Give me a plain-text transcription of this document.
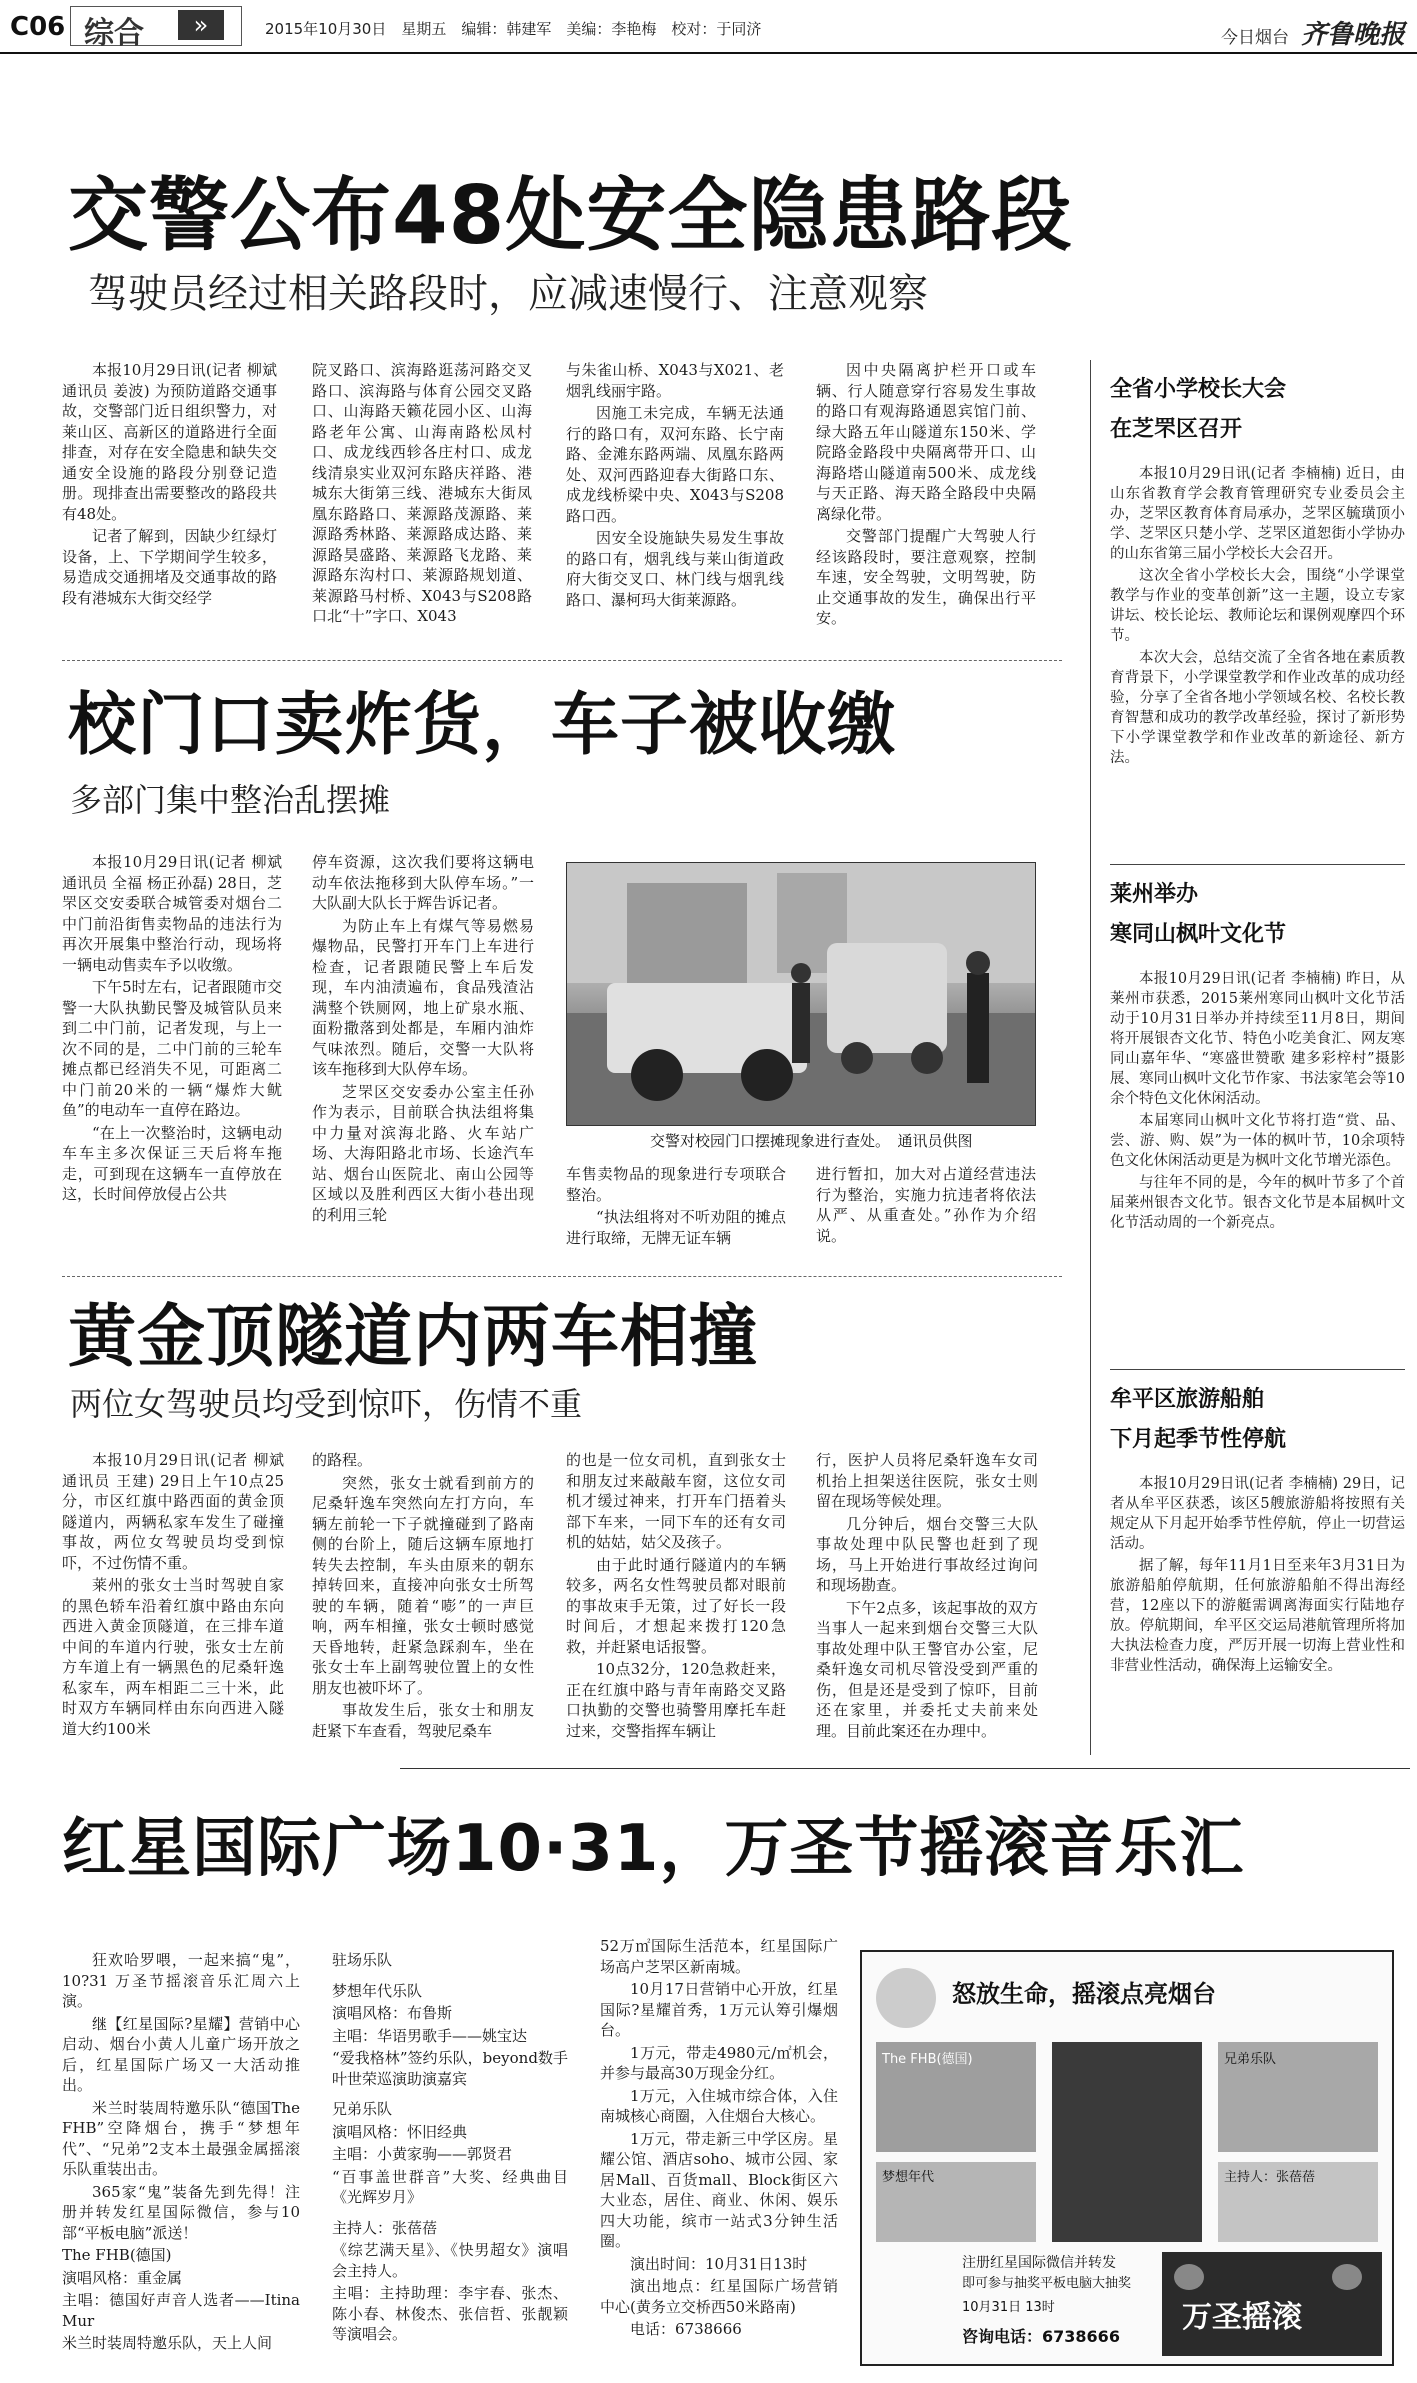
C06 综合	»	2015年10月30日　星期五　编辑：韩建军　美编：李艳梅　校对：于同济	今日烟台 齐鲁晚报
交警公布48处安全隐患路段
驾驶员经过相关路段时，应减速慢行、注意观察

本报10月29日讯(记者 柳斌 通讯员 姜波) 为预防道路交通事故，交警部门近日组织警力，对莱山区、高新区的道路进行全面排查，对存在安全隐患和缺失交通安全设施的路段分别登记造册。现排查出需要整改的路段共有48处。

记者了解到，因缺少红绿灯设备，上、下学期间学生较多，易造成交通拥堵及交通事故的路段有港城东大街交经学

院叉路口、滨海路逛荡河路交叉路口、滨海路与体育公园交叉路口、山海路天籁花园小区、山海路老年公寓、山海南路松凤村口、成龙线西轸各庄村口、成龙线清泉实业双河东路庆祥路、港城东大街第三线、港城东大街凤凰东路路口、莱源路茂源路、莱源路秀林路、莱源路成达路、莱源路昊盛路、莱源路飞龙路、莱源路东沟村口、莱源路规划道、莱源路马村桥、X043与S208路口北“十”字口、X043

与朱雀山桥、X043与X021、老烟乳线丽宇路。

因施工未完成，车辆无法通行的路口有，双河东路、长宁南路、金滩东路两端、凤凰东路两处、双河西路迎春大街路口东、成龙线桥梁中央、X043与S208路口西。

因安全设施缺失易发生事故的路口有，烟乳线与莱山街道政府大街交叉口、林门线与烟乳线路口、瀑柯玛大街莱源路。

因中央隔离护栏开口或车辆、行人随意穿行容易发生事故的路口有观海路通恩宾馆门前、绿大路五年山隧道东150米、学院路金路段中央隔离带开口、山海路塔山隧道南500米、成龙线与天正路、海天路全路段中央隔离绿化带。

交警部门提醒广大驾驶人行经该路段时，要注意观察，控制车速，安全驾驶，文明驾驶，防止交通事故的发生，确保出行平安。

校门口卖炸货，车子被收缴
多部门集中整治乱摆摊

本报10月29日讯(记者 柳斌 通讯员 全福 杨正孙磊) 28日，芝罘区交安委联合城管委对烟台二中门前沿街售卖物品的违法行为再次开展集中整治行动，现场将一辆电动售卖车予以收缴。

下午5时左右，记者跟随市交警一大队执勤民警及城管队员来到二中门前，记者发现，与上一次不同的是，二中门前的三轮车摊点都已经消失不见，可距离二中门前20米的一辆“爆炸大鱿鱼”的电动车一直停在路边。

“在上一次整治时，这辆电动车车主多次保证三天后将车拖走，可到现在这辆车一直停放在这，长时间停放侵占公共

停车资源，这次我们要将这辆电动车依法拖移到大队停车场。”一大队副大队长于辉告诉记者。

为防止车上有煤气等易燃易爆物品，民警打开车门上车进行检查，记者跟随民警上车后发现，车内油渍遍布，食品残渣沾满整个铁厕网，地上矿泉水瓶、面粉撒落到处都是，车厢内油炸气味浓烈。随后，交警一大队将该车拖移到大队停车场。

芝罘区交安委办公室主任孙作为表示，目前联合执法组将集中力量对滨海北路、火车站广场、大海阳路北市场、长途汽车站、烟台山医院北、南山公园等区域以及胜利西区大街小巷出现的利用三轮

交警对校园门口摆摊现象进行查处。　通讯员供图

车售卖物品的现象进行专项联合整治。

“执法组将对不听劝阻的摊点进行取缔，无牌无证车辆

进行暂扣，加大对占道经营违法行为整治，实施力抗违者将依法从严、从重查处。”孙作为介绍说。

黄金顶隧道内两车相撞
两位女驾驶员均受到惊吓，伤情不重

本报10月29日讯(记者 柳斌 通讯员 王建) 29日上午10点25分，市区红旗中路西面的黄金顶隧道内，两辆私家车发生了碰撞事故，两位女驾驶员均受到惊吓，不过伤情不重。

莱州的张女士当时驾驶自家的黑色轿车沿着红旗中路由东向西进入黄金顶隧道，在三排车道中间的车道内行驶，张女士左前方车道上有一辆黑色的尼桑轩逸私家车，两车相距二三十米，此时双方车辆同样由东向西进入隧道大约100米

的路程。

突然，张女士就看到前方的尼桑轩逸车突然向左打方向，车辆左前轮一下子就撞碰到了路南侧的台阶上，随后这辆车原地打转失去控制，车头由原来的朝东掉转回来，直接冲向张女士所驾驶的车辆，随着“嘭”的一声巨响，两车相撞，张女士顿时感觉天昏地转，赶紧急踩刹车，坐在张女士车上副驾驶位置上的女性朋友也被吓坏了。

事故发生后，张女士和朋友赶紧下车查看，驾驶尼桑车

的也是一位女司机，直到张女士和朋友过来敲敲车窗，这位女司机才缓过神来，打开车门捂着头部下车来，一同下车的还有女司机的姑姑，姑父及孩子。

由于此时通行隧道内的车辆较多，两名女性驾驶员都对眼前的事故束手无策，过了好长一段时间后，才想起来拨打120急救，并赶紧电话报警。

10点32分，120急救赶来，正在红旗中路与青年南路交叉路口执勤的交警也骑警用摩托车赶过来，交警指挥车辆让

行，医护人员将尼桑轩逸车女司机抬上担架送往医院，张女士则留在现场等候处理。

几分钟后，烟台交警三大队事故处理中队民警也赶到了现场，马上开始进行事故经过询问和现场勘查。

下午2点多，该起事故的双方当事人一起来到烟台交警三大队事故处理中队王警官办公室，尼桑轩逸女司机尽管没受到严重的伤，但是还是受到了惊吓，目前还在家里，并委托丈夫前来处理。目前此案还在办理中。

全省小学校长大会
在芝罘区召开

本报10月29日讯(记者 李楠楠) 近日，由山东省教育学会教育管理研究专业委员会主办，芝罘区教育体育局承办，芝罘区毓璜顶小学、芝罘区只楚小学、芝罘区道恕街小学协办的山东省第三届小学校长大会召开。

这次全省小学校长大会，围绕“小学课堂教学与作业的变革创新”这一主题，设立专家讲坛、校长论坛、教师论坛和课例观摩四个环节。

本次大会，总结交流了全省各地在素质教育背景下，小学课堂教学和作业改革的成功经验，分享了全省各地小学领域名校、名校长教育智慧和成功的教学改革经验，探讨了新形势下小学课堂教学和作业改革的新途径、新方法。

莱州举办
寒同山枫叶文化节

本报10月29日讯(记者 李楠楠) 昨日，从莱州市获悉，2015莱州寒同山枫叶文化节活动于10月31日举办并持续至11月8日，期间将开展银杏文化节、特色小吃美食汇、网友寒同山嘉年华、“寒盛世赞歌 建多彩梓村”摄影展、寒同山枫叶文化节作家、书法家笔会等10余个特色文化休闲活动。

本届寒同山枫叶文化节将打造“赏、品、尝、游、购、娱”为一体的枫叶节，10余项特色文化休闲活动更是为枫叶文化节增光添色。

与往年不同的是，今年的枫叶节多了个首届莱州银杏文化节。银杏文化节是本届枫叶文化节活动周的一个新亮点。

牟平区旅游船舶
下月起季节性停航

本报10月29日讯(记者 李楠楠) 29日，记者从牟平区获悉，该区5艘旅游船将按照有关规定从下月起开始季节性停航，停止一切营运活动。

据了解，每年11月1日至来年3月31日为旅游船舶停航期，任何旅游船舶不得出海经营，12座以下的游艇需调离海面实行陆地存放。停航期间，牟平区交运局港航管理所将加大执法检查力度，严厉开展一切海上营业性和非营业性活动，确保海上运输安全。

红星国际广场10·31，万圣节摇滚音乐汇

狂欢哈罗喂，一起来搞“鬼”，10?31 万圣节摇滚音乐汇周六上演。

继【红星国际?星耀】营销中心启动、烟台小黄人儿童广场开放之后，红星国际广场又一大活动推出。

米兰时装周特邀乐队“德国The FHB”空降烟台，携手“梦想年代”、“兄弟”2支本土最强金属摇滚乐队重装出击。

365家“鬼”装备先到先得！注册并转发红星国际微信，参与10部“平板电脑”派送！

The FHB(德国)

演唱风格：重金属

主唱：德国好声音人选者——Itina Mur

米兰时装周特邀乐队，天上人间

驻场乐队

梦想年代乐队

演唱风格：布鲁斯

主唱：华语男歌手——姚宝达

“爱我格林”签约乐队，beyond数手叶世荣巡演助演嘉宾

兄弟乐队

演唱风格：怀旧经典

主唱：小黄家驹——郭贤君

“百事盖世群音”大奖、经典曲目《光辉岁月》

主持人：张蓓蓓

《综艺满天星》、《快男超女》演唱会主持人。

主唱：主持助理：李宇春、张杰、陈小春、林俊杰、张信哲、张靓颖等演唱会。

52万㎡国际生活范本，红星国际广场高户芝罘区新南城。

10月17日营销中心开放，红星国际?星耀首秀，1万元认筹引爆烟台。

1万元，带走4980元/㎡机会，并参与最高30万现金分红。

1万元，入住城市综合体，入住南城核心商圈，入住烟台大核心。

1万元，带走新三中学区房。星耀公馆、酒店soho、城市公园、家居Mall、百货mall、Block街区六大业态，居住、商业、休闲、娱乐四大功能，缤市一站式3分钟生活圈。

演出时间：10月31日13时

演出地点：红星国际广场营销中心(黄务立交桥西50米路南)

电话：6738666

怒放生命，摇滚点亮烟台
The FHB(德国)
梦想年代
兄弟乐队
主持人：张蓓蓓
注册红星国际微信并转发
即可参与抽奖平板电脑大抽奖
10月31日 13时
咨询电话：6738666
万圣摇滚
